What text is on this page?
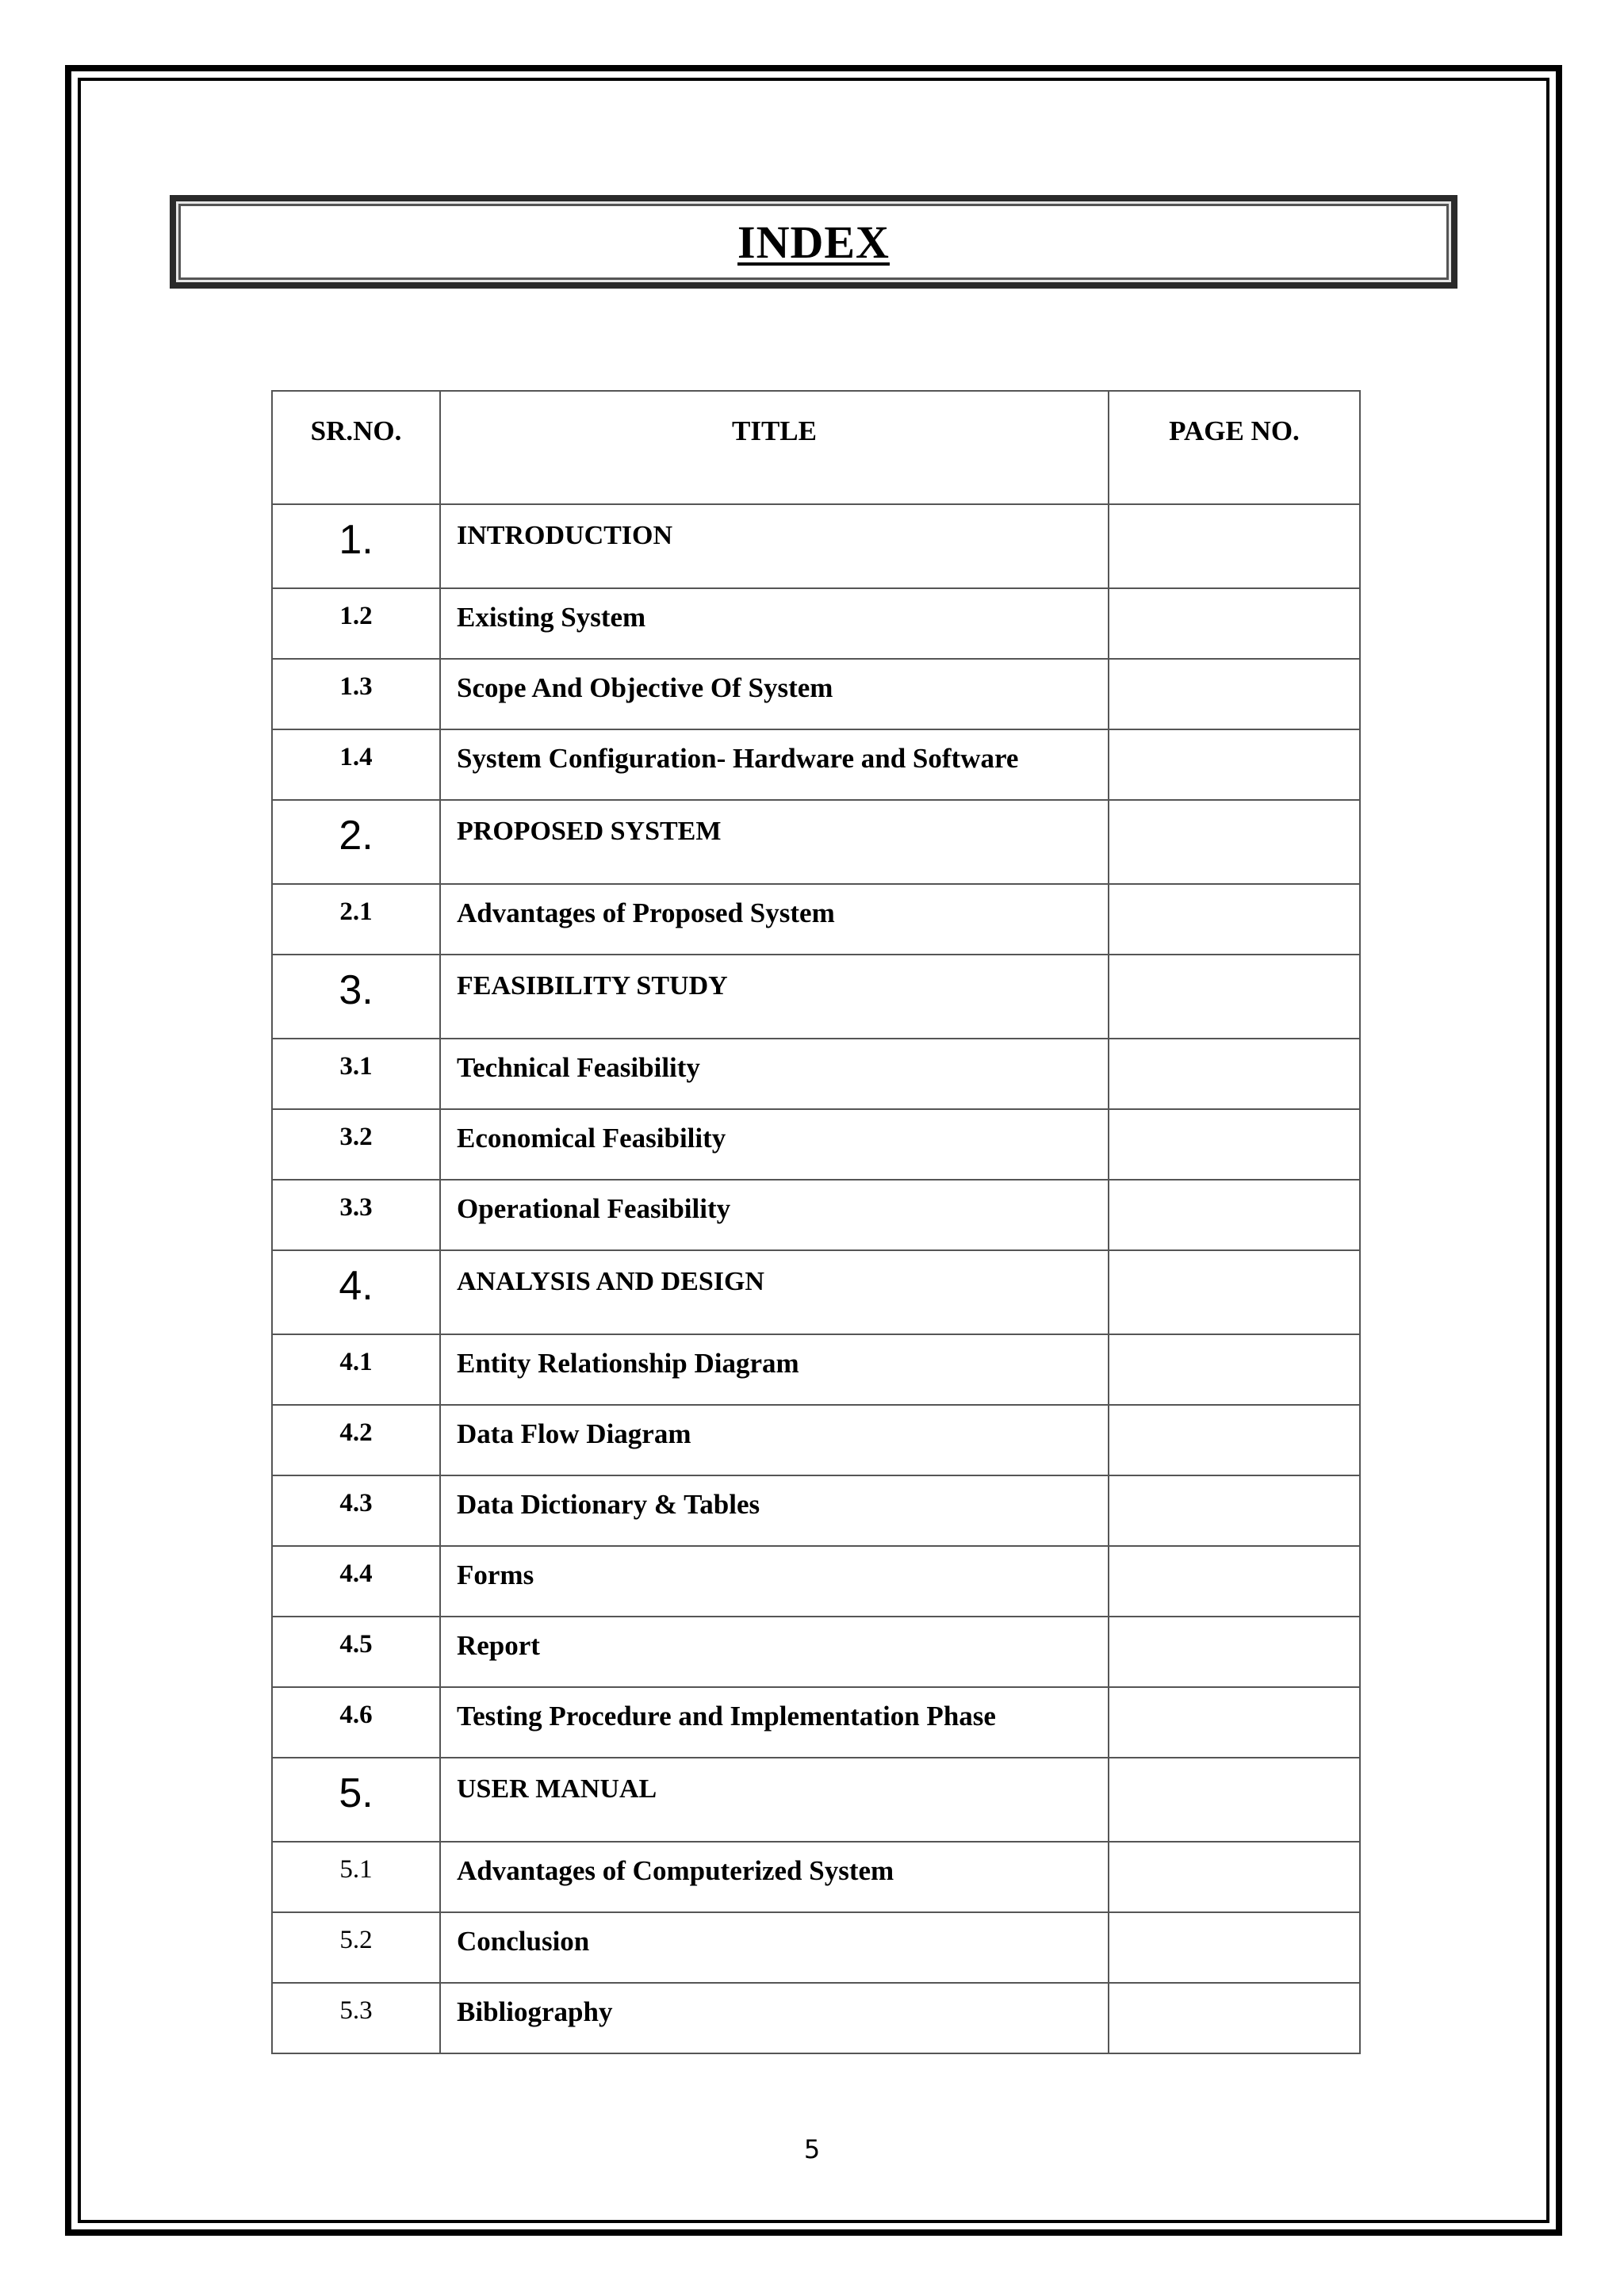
INDEX
SR.NO.	TITLE	PAGE NO.
1.	INTRODUCTION	
1.2	Existing System	
1.3	Scope And Objective Of System	
1.4	System Configuration- Hardware and Software	
2.	PROPOSED SYSTEM	
2.1	Advantages of Proposed System	
3.	FEASIBILITY STUDY	
3.1	Technical Feasibility	
3.2	Economical Feasibility	
3.3	Operational Feasibility	
4.	ANALYSIS AND DESIGN	
4.1	Entity Relationship Diagram	
4.2	Data Flow Diagram	
4.3	Data Dictionary & Tables	
4.4	Forms	
4.5	Report	
4.6	Testing Procedure and Implementation Phase	
5.	USER MANUAL	
5.1	Advantages of Computerized System	
5.2	Conclusion	
5.3	Bibliography	
5
